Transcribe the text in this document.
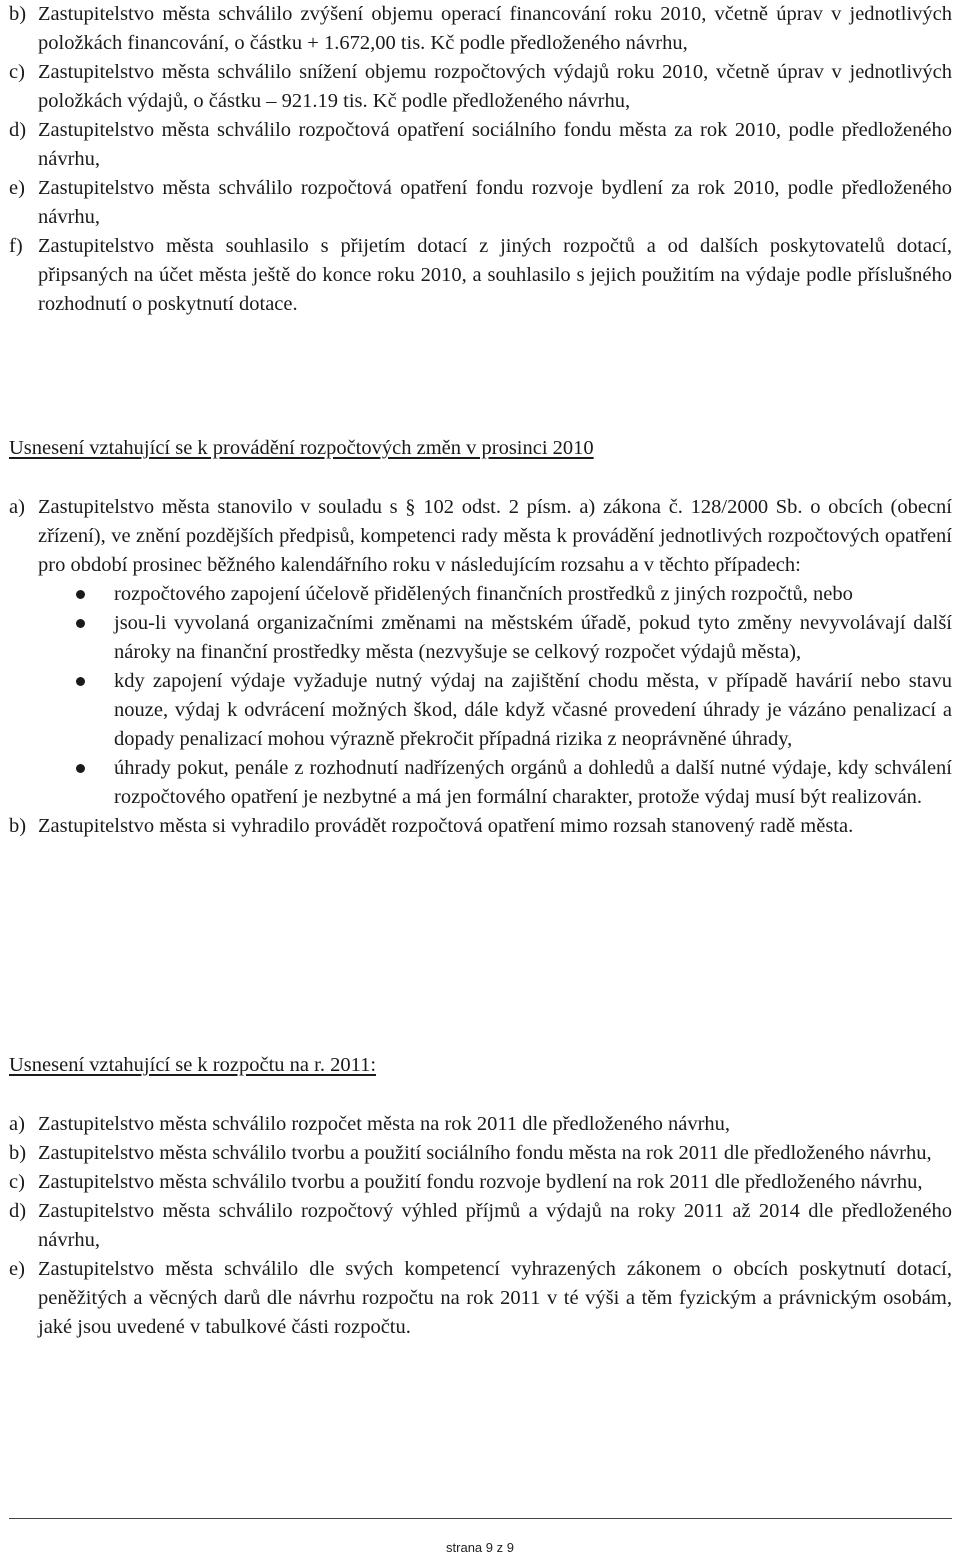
b) Zastupitelstvo města schválilo zvýšení objemu operací financování roku 2010, včetně úprav v jednotlivých položkách financování, o částku + 1.672,00 tis. Kč podle předloženého návrhu,

c) Zastupitelstvo města schválilo snížení objemu rozpočtových výdajů roku 2010, včetně úprav v jednotlivých položkách výdajů, o částku – 921.19 tis. Kč podle předloženého návrhu,

d) Zastupitelstvo města schválilo rozpočtová opatření sociálního fondu města za rok 2010, podle předloženého návrhu,

e) Zastupitelstvo města schválilo rozpočtová opatření fondu rozvoje bydlení za rok 2010, podle předloženého návrhu,

f) Zastupitelstvo města souhlasilo s přijetím dotací z jiných rozpočtů a od dalších poskytovatelů dotací, připsaných na účet města ještě do konce roku 2010, a souhlasilo s jejich použitím na výdaje podle příslušného rozhodnutí o poskytnutí dotace.

Usnesení vztahující se k provádění rozpočtových změn v prosinci 2010

a) Zastupitelstvo města stanovilo v souladu s § 102 odst. 2 písm. a) zákona č. 128/2000 Sb. o obcích (obecní zřízení), ve znění pozdějších předpisů, kompetenci rady města k provádění jednotlivých rozpočtových opatření pro období prosinec běžného kalendářního roku v následujícím rozsahu a v těchto případech:

rozpočtového zapojení účelově přidělených finančních prostředků z jiných rozpočtů, nebo
jsou-li vyvolaná organizačními změnami na městském úřadě, pokud tyto změny nevyvolávají další nároky na finanční prostředky města (nezvyšuje se celkový rozpočet výdajů města),
kdy zapojení výdaje vyžaduje nutný výdaj na zajištění chodu města, v případě havárií nebo stavu nouze, výdaj k odvrácení možných škod, dále když včasné provedení úhrady je vázáno penalizací a dopady penalizací mohou výrazně překročit případná rizika z neoprávněné úhrady,
úhrady pokut, penále z rozhodnutí nadřízených orgánů a dohledů a další nutné výdaje, kdy schválení rozpočtového opatření je nezbytné a má jen formální charakter, protože výdaj musí být realizován.

b) Zastupitelstvo města si vyhradilo provádět rozpočtová opatření mimo rozsah stanovený radě města.

Usnesení vztahující se k rozpočtu na r. 2011:

a) Zastupitelstvo města schválilo rozpočet města na rok 2011 dle předloženého návrhu,

b) Zastupitelstvo města schválilo tvorbu a použití sociálního fondu města na rok 2011 dle předloženého návrhu,

c) Zastupitelstvo města schválilo tvorbu a použití fondu rozvoje bydlení na rok 2011 dle předloženého návrhu,

d) Zastupitelstvo města schválilo rozpočtový výhled příjmů a výdajů na roky 2011 až 2014 dle předloženého návrhu,

e) Zastupitelstvo města schválilo dle svých kompetencí vyhrazených zákonem o obcích poskytnutí dotací, peněžitých a věcných darů dle návrhu rozpočtu na rok 2011 v té výši a těm fyzickým a právnickým osobám, jaké jsou uvedené v tabulkové části rozpočtu.

strana 9 z 9
